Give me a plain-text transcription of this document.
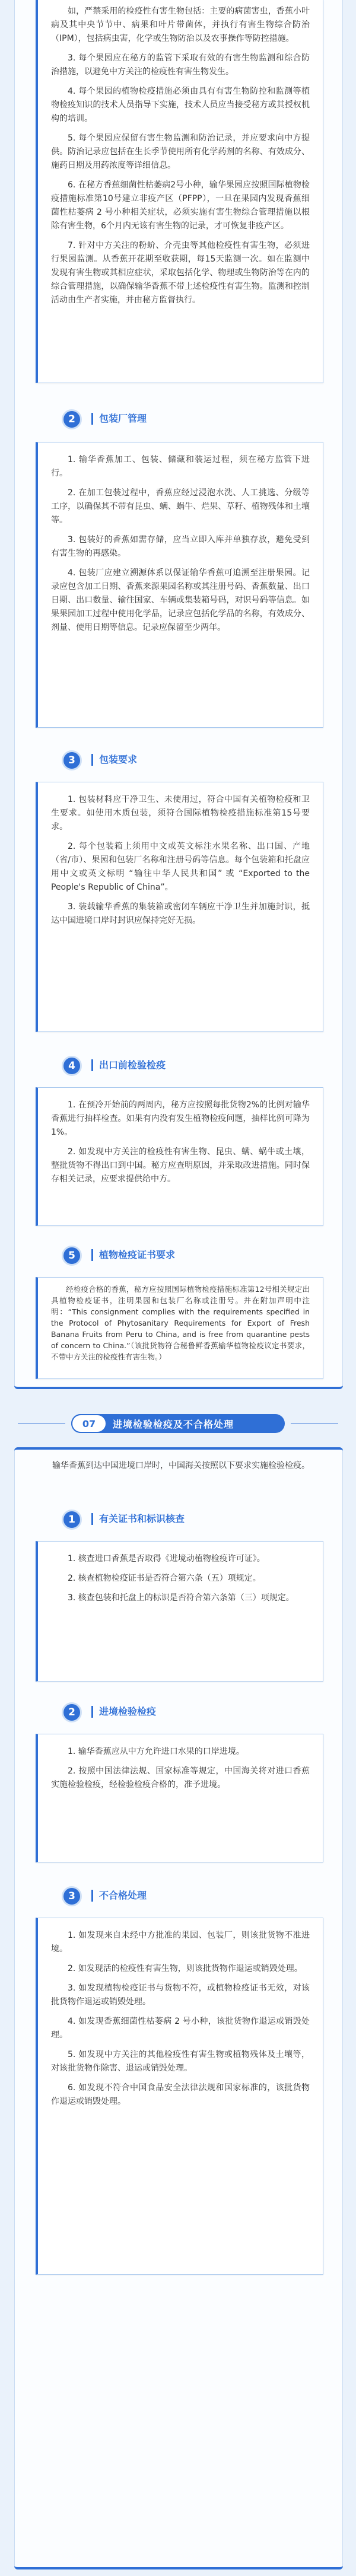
如，严禁采用的检疫性有害生物包括：主要的病菌害虫，香蕉小叶病及其中央节节中、病果和叶片带菌体，并执行有害生物综合防治（IPM），包括病虫害，化学或生物防治以及农事操作等防控措施。

3. 每个果园应在秘方的监管下采取有效的有害生物监测和综合防治措施，以避免中方关注的检疫性有害生物发生。

4. 每个果园的植物检疫措施必须由具有有害生物防控和监测等植物检疫知识的技术人员指导下实施，技术人员应当接受秘方或其授权机构的培训。

5. 每个果园应保留有害生物监测和防治记录，并应要求向中方提供。防治记录应包括在生长季节使用所有化学药剂的名称、有效成分、施药日期及用药浓度等详细信息。

6. 在秘方香蕉细菌性枯萎病2号小种，输华果园应按照国际植物检疫措施标准第10号建立非疫产区（PFPP），一旦在果园内发现香蕉细菌性枯萎病 2 号小种相关症状，必须实施有害生物综合管理措施以根除有害生物，6个月内无该有害生物的记录，才可恢复非疫产区。

7. 针对中方关注的粉蚧、介壳虫等其他检疫性有害生物，必须进行果园监测。从香蕉开花期至收获期，每15天监测一次。如在监测中发现有害生物或其相应症状，采取包括化学、物理或生物防治等在内的综合管理措施，以确保输华香蕉不带上述检疫性有害生物。监测和控制活动由生产者实施，并由秘方监督执行。

2	包装厂管理

1. 输华香蕉加工、包装、储藏和装运过程，须在秘方监管下进行。

2. 在加工包装过程中，香蕉应经过浸泡水洗、人工挑选、分级等工序，以确保其不带有昆虫、螨、蜗牛、烂果、草籽、植物残体和土壤等。

3. 包装好的香蕉如需存储，应当立即入库并单独存放，避免受到有害生物的再感染。

4. 包装厂应建立溯源体系以保证输华香蕉可追溯至注册果园。记录应包含加工日期、香蕉来源果园名称或其注册号码、香蕉数量、出口日期、出口数量、输往国家、车辆或集装箱号码，对识号码等信息。如果果园加工过程中使用化学品，记录应包括化学品的名称，有效成分、剂量、使用日期等信息。记录应保留至少两年。

3	包装要求

1. 包装材料应干净卫生、未使用过，符合中国有关植物检疫和卫生要求。如使用木质包装，须符合国际植物检疫措施标准第15号要求。

2. 每个包装箱上须用中文或英文标注水果名称、出口国、产地（省/市）、果园和包装厂名称和注册号码等信息。每个包装箱和托盘应用中文或英文标明 “输往中华人民共和国” 或 “Exported to the People's Republic of China”。

3. 装载输华香蕉的集装箱或密闭车辆应干净卫生并加施封识，抵达中国进境口岸时封识应保持完好无损。

4	出口前检验检疫

1. 在预冷开始前的两周内，秘方应按照每批货物2%的比例对输华香蕉进行抽样检查。如果有内没有发生植物检疫问题，抽样比例可降为1%。

2. 如发现中方关注的检疫性有害生物、昆虫、螨、蜗牛或土壤，整批货物不得出口到中国。秘方应查明原因，并采取改进措施。同时保存相关记录，应要求提供给中方。

5	植物检疫证书要求

经检疫合格的香蕉，秘方应按照国际植物检疫措施标准第12号相关规定出具植物检疫证书，注明果园和包装厂名称或注册号。并在附加声明中注明：“This consignment complies with the requirements specified in the Protocol of Phytosanitary Requirements for Export of Fresh Banana Fruits from Peru to China, and is free from quarantine pests of concern to China.”（该批货物符合秘鲁鲜香蕉输华植物检疫议定书要求，不带中方关注的检疫性有害生物。）

07	进境检验检疫及不合格处理

输华香蕉到达中国进境口岸时，中国海关按照以下要求实施检验检疫。

1	有关证书和标识核查

1. 核查进口香蕉是否取得《进境动植物检疫许可证》。

2. 核查植物检疫证书是否符合第六条（五）项规定。

3. 核查包装和托盘上的标识是否符合第六条第（三）项规定。

2	进境检验检疫

1. 输华香蕉应从中方允许进口水果的口岸进境。

2. 按照中国法律法规、国家标准等规定，中国海关将对进口香蕉实施检验检疫，经检验检疫合格的，准予进境。

3	不合格处理

1. 如发现来自未经中方批准的果园、包装厂，则该批货物不准进境。

2. 如发现活的检疫性有害生物，则该批货物作退运或销毁处理。

3. 如发现植物检疫证书与货物不符，或植物检疫证书无效，对该批货物作退运或销毁处理。

4. 如发现香蕉细菌性枯萎病 2 号小种，该批货物作退运或销毁处理。

5. 如发现中方关注的其他检疫性有害生物或植物残体及土壤等，对该批货物作除害、退运或销毁处理。

6. 如发现不符合中国食品安全法律法规和国家标准的，该批货物作退运或销毁处理。
